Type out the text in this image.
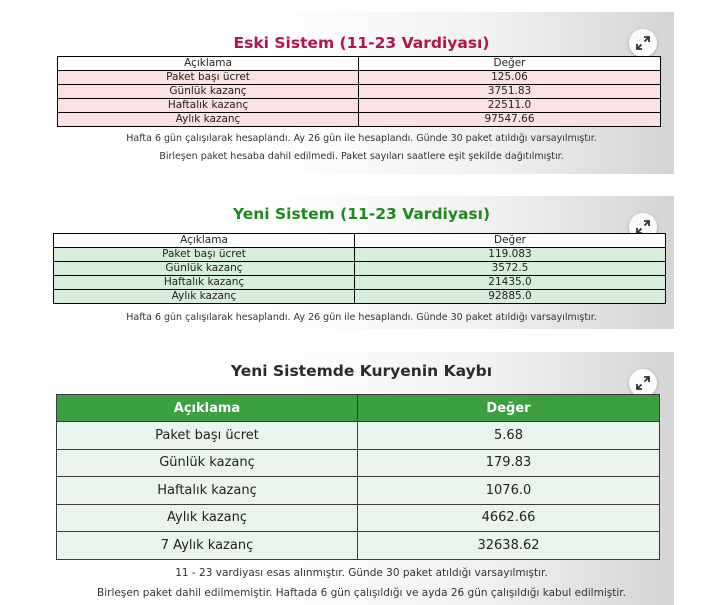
Eski Sistem (11-23 Vardiyası)
Açıklama	Değer
Paket başı ücret	125.06
Günlük kazanç	3751.83
Haftalık kazanç	22511.0
Aylık kazanç	97547.66
Hafta 6 gün çalışılarak hesaplandı. Ay 26 gün ile hesaplandı. Günde 30 paket atıldığı varsayılmıştır.
Birleşen paket hesaba dahil edilmedi. Paket sayıları saatlere eşit şekilde dağıtılmıştır.
Yeni Sistem (11-23 Vardiyası)
Açıklama	Değer
Paket başı ücret	119.083
Günlük kazanç	3572.5
Haftalık kazanç	21435.0
Aylık kazanç	92885.0
Hafta 6 gün çalışılarak hesaplandı. Ay 26 gün ile hesaplandı. Günde 30 paket atıldığı varsayılmıştır.
Yeni Sistemde Kuryenin Kaybı
Açıklama	Değer
Paket başı ücret	5.68
Günlük kazanç	179.83
Haftalık kazanç	1076.0
Aylık kazanç	4662.66
7 Aylık kazanç	32638.62
11 - 23 vardiyası esas alınmıştır. Günde 30 paket atıldığı varsayılmıştır.
Birleşen paket dahil edilmemiştir. Haftada 6 gün çalışıldığı ve ayda 26 gün çalışıldığı kabul edilmiştir.
